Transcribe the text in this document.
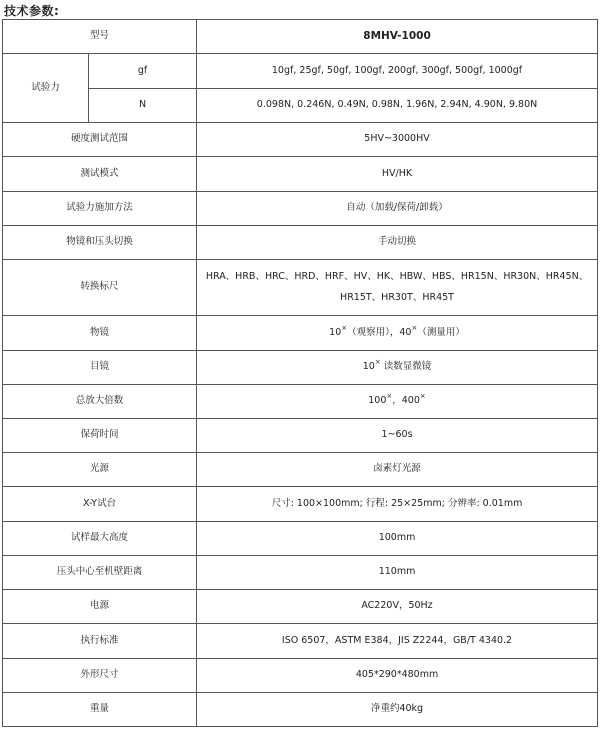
技术参数:
型号		8MHV-1000
试验力	gf	10gf, 25gf, 50gf, 100gf, 200gf, 300gf, 500gf, 1000gf
	N	0.098N, 0.246N, 0.49N, 0.98N, 1.96N, 2.94N, 4.90N, 9.80N
硬度测试范围		5HV~3000HV
测试模式		HV/HK
试验力施加方法		自动（加载/保荷/卸载）
物镜和压头切换		手动切换
转换标尺		HRA、HRB、HRC、HRD、HRF、HV、HK、HBW、HBS、HR15N、HR30N、HR45N、
HR15T、HR30T、HR45T

物镜		10×（观察用），40×（测量用）
目镜		10× 读数显微镜
总放大倍数		100×，400×
保荷时间		1~60s
光源		卤素灯光源
X-Y试台		尺寸: 100×100mm; 行程: 25×25mm; 分辨率: 0.01mm
试样最大高度		100mm
压头中心至机壁距离		110mm
电源		AC220V，50Hz
执行标准		ISO 6507，ASTM E384，JIS Z2244，GB/T 4340.2
外形尺寸		405*290*480mm
重量		净重约40kg
